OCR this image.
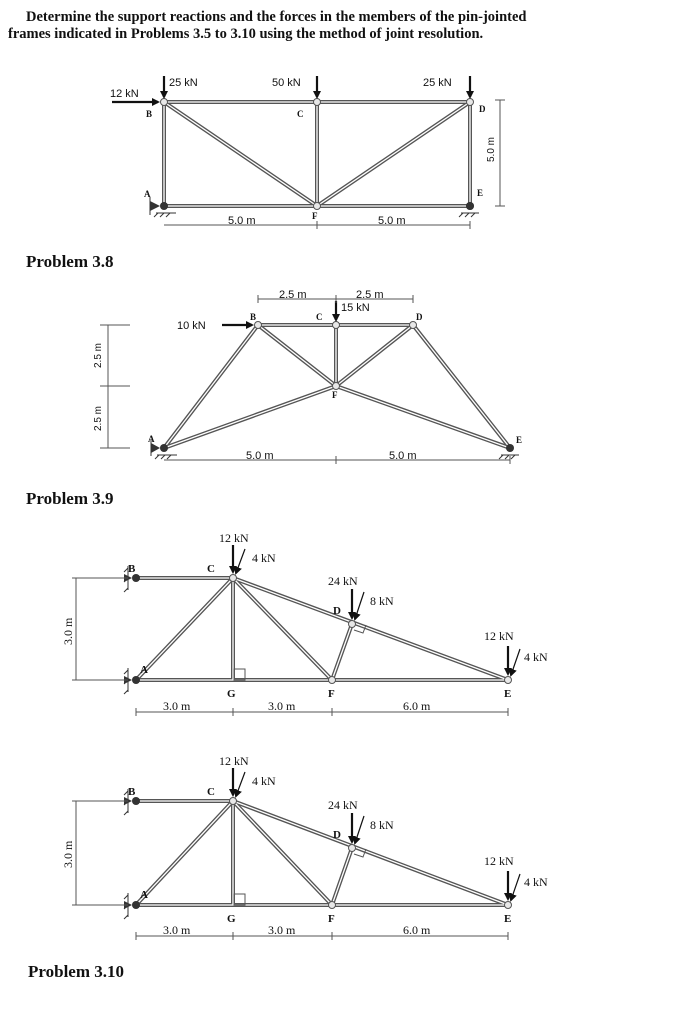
Determine the support reactions and the forces in the members of the pin-jointed
frames indicated in Problems 3.5 to 3.10 using the method of joint resolution.
Problem 3.8
Problem 3.9
Problem 3.10
12 kN
25 kN	50 kN	25 kN
B
A
C
F
D
E
5.0 m	5.0 m
5.0 m
10 kN
15 kN
B	C	D
F
A	E
2.5 m	2.5 m
5.0 m	5.0 m
2.5 m
2.5 m
12 kN
4 kN
24 kN
8 kN
12 kN
4 kN
B	C
A
G	F
D
E
3.0 m	3.0 m	6.0 m
3.0 m
12 kN
4 kN
24 kN
8 kN
12 kN
4 kN
B	C
A
G	F
D
E
3.0 m	3.0 m	6.0 m
3.0 m
